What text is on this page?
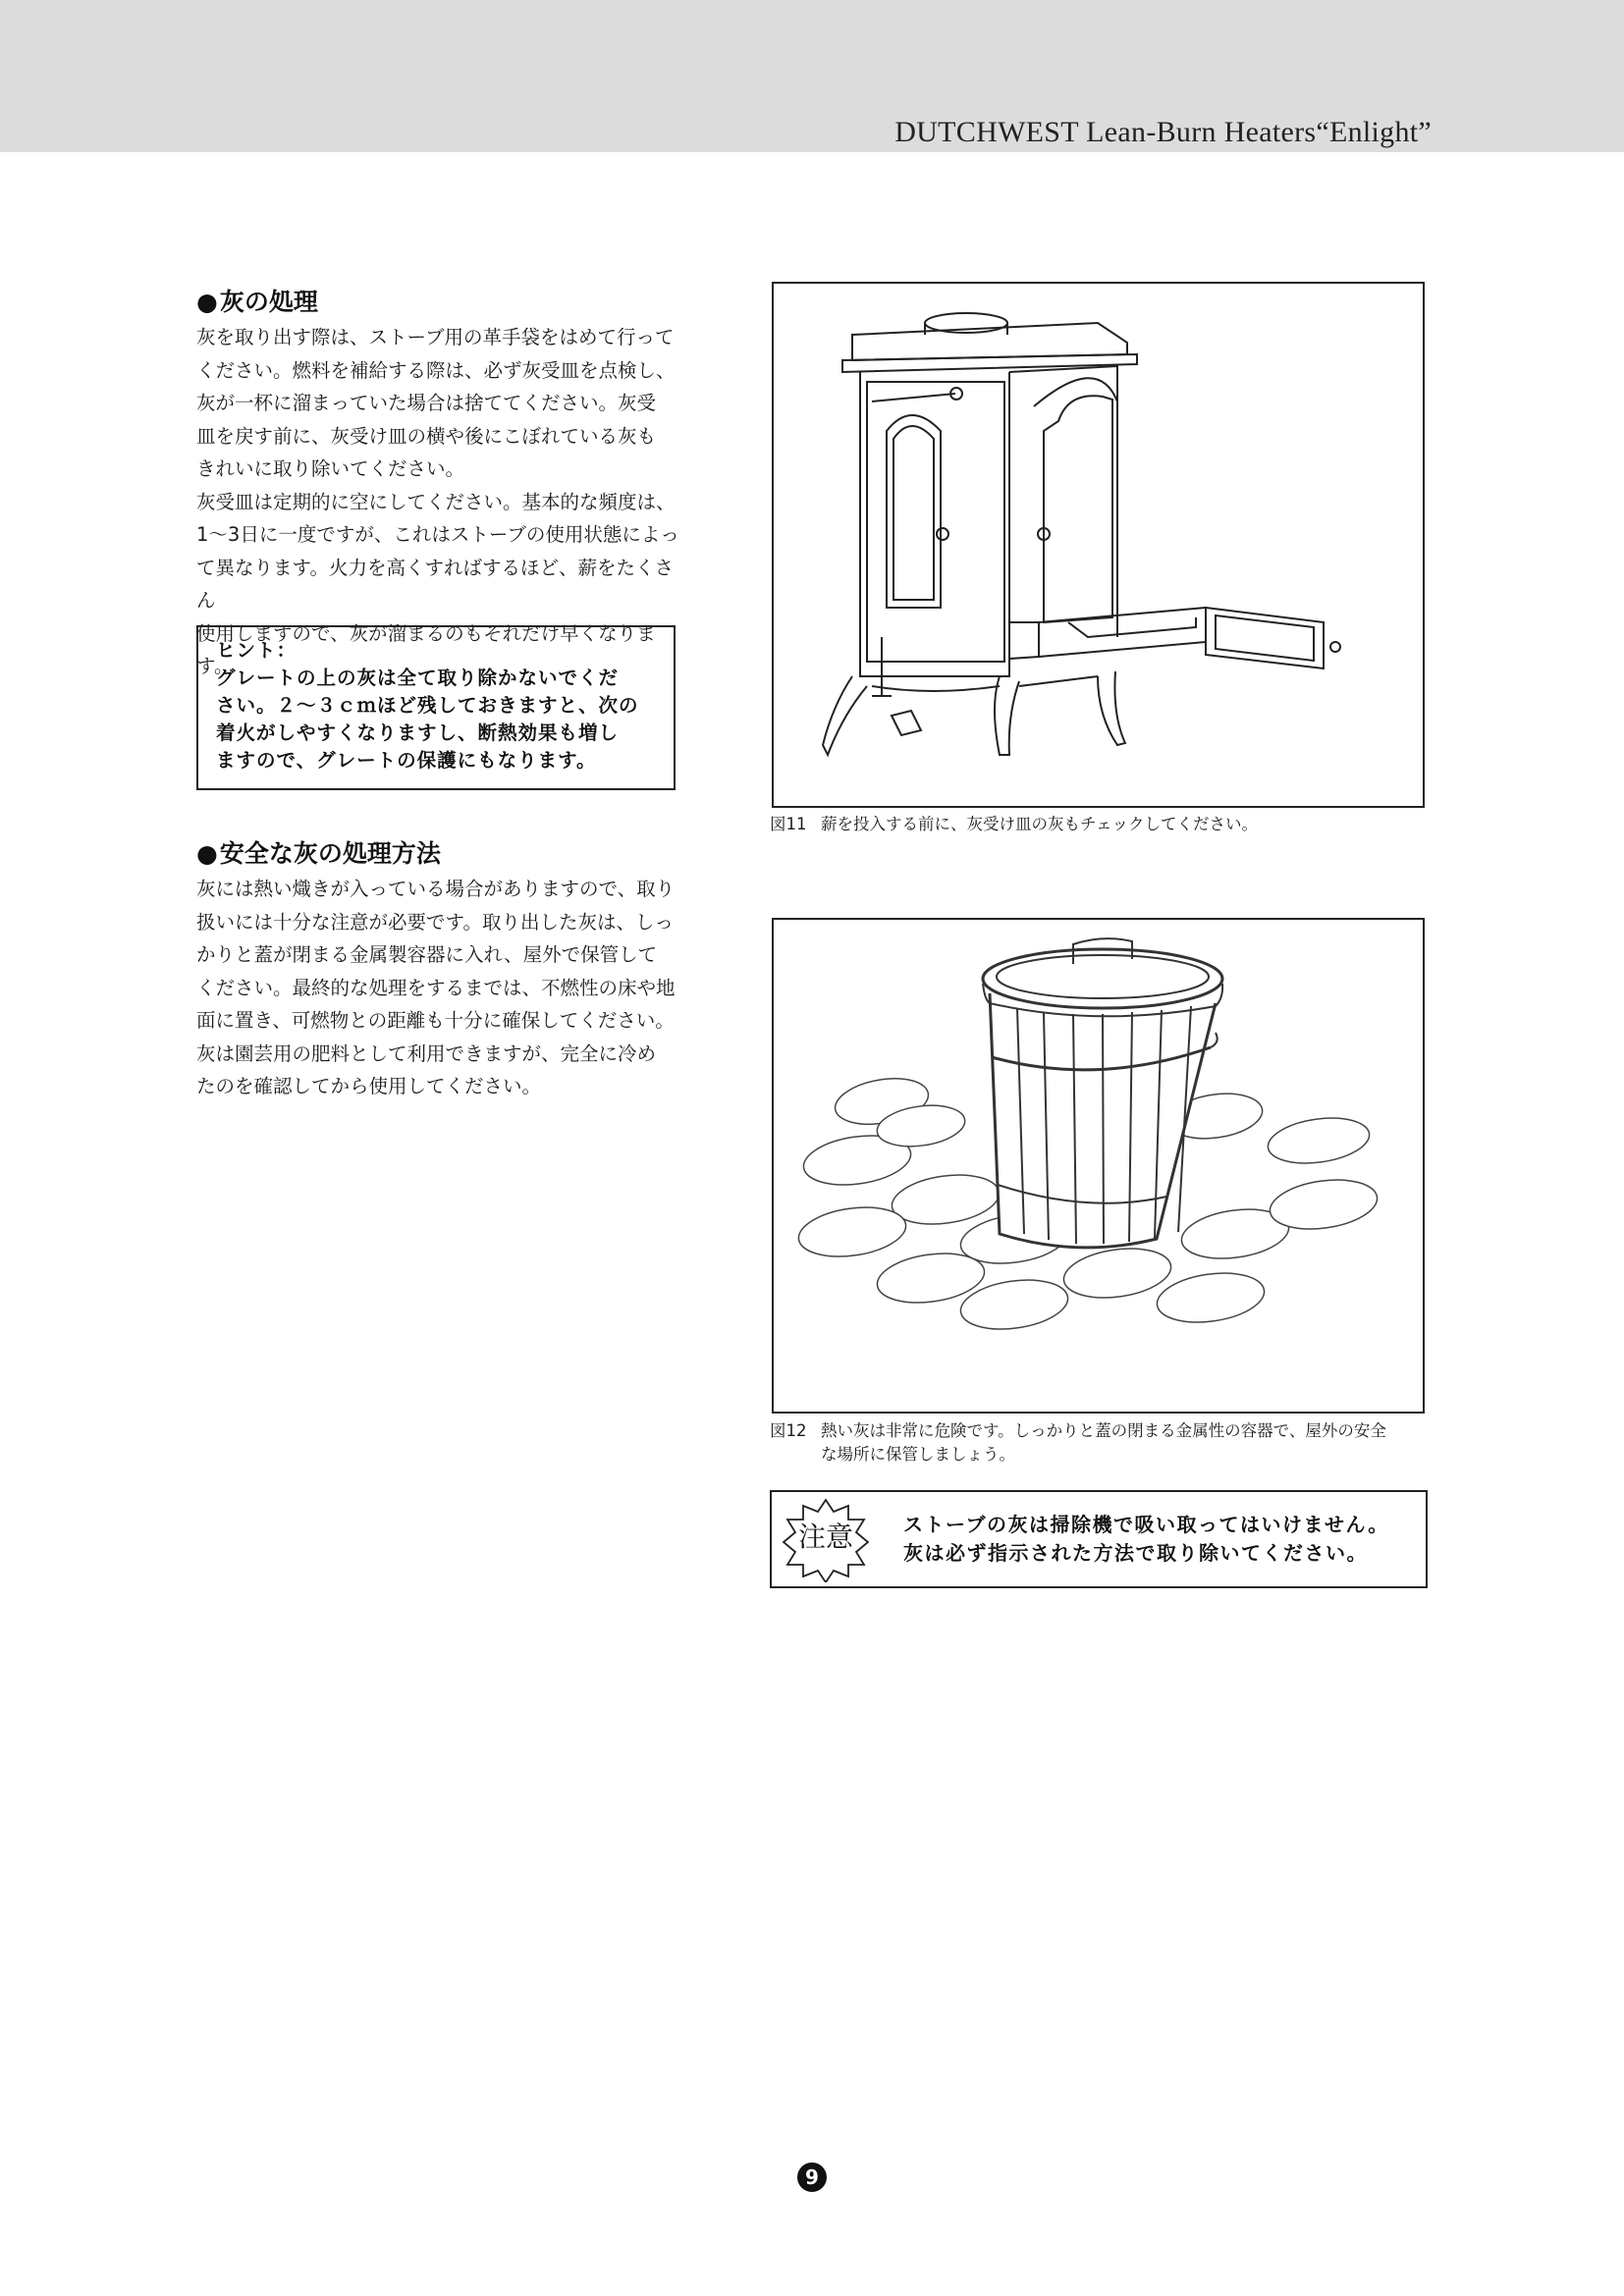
DUTCHWEST Lean-Burn Heaters“Enlight”
●灰の処理

灰を取り出す際は、ストーブ用の革手袋をはめて行って

ください。燃料を補給する際は、必ず灰受皿を点検し、

灰が一杯に溜まっていた場合は捨ててください。灰受

皿を戻す前に、灰受け皿の横や後にこぼれている灰も

きれいに取り除いてください。

灰受皿は定期的に空にしてください。基本的な頻度は、

1〜3日に一度ですが、これはストーブの使用状態によっ

て異なります。火力を高くすればするほど、薪をたくさん

使用しますので、灰が溜まるのもそれだけ早くなります。

ヒント：

グレートの上の灰は全て取り除かないでくだ

さい。２〜３ｃｍほど残しておきますと、次の

着火がしやすくなりますし、断熱効果も増し

ますので、グレートの保護にもなります。

●安全な灰の処理方法

灰には熱い熾きが入っている場合がありますので、取り

扱いには十分な注意が必要です。取り出した灰は、しっ

かりと蓋が閉まる金属製容器に入れ、屋外で保管して

ください。最終的な処理をするまでは、不燃性の床や地

面に置き、可燃物との距離も十分に確保してください。

灰は園芸用の肥料として利用できますが、完全に冷め

たのを確認してから使用してください。

図11 薪を投入する前に、灰受け皿の灰もチェックしてください。

図12 熱い灰は非常に危険です。しっかりと蓋の閉まる金属性の容器で、屋外の安全
な場所に保管しましょう。
注意	ストーブの灰は掃除機で吸い取ってはいけません。
灰は必ず指示された方法で取り除いてください。

9
